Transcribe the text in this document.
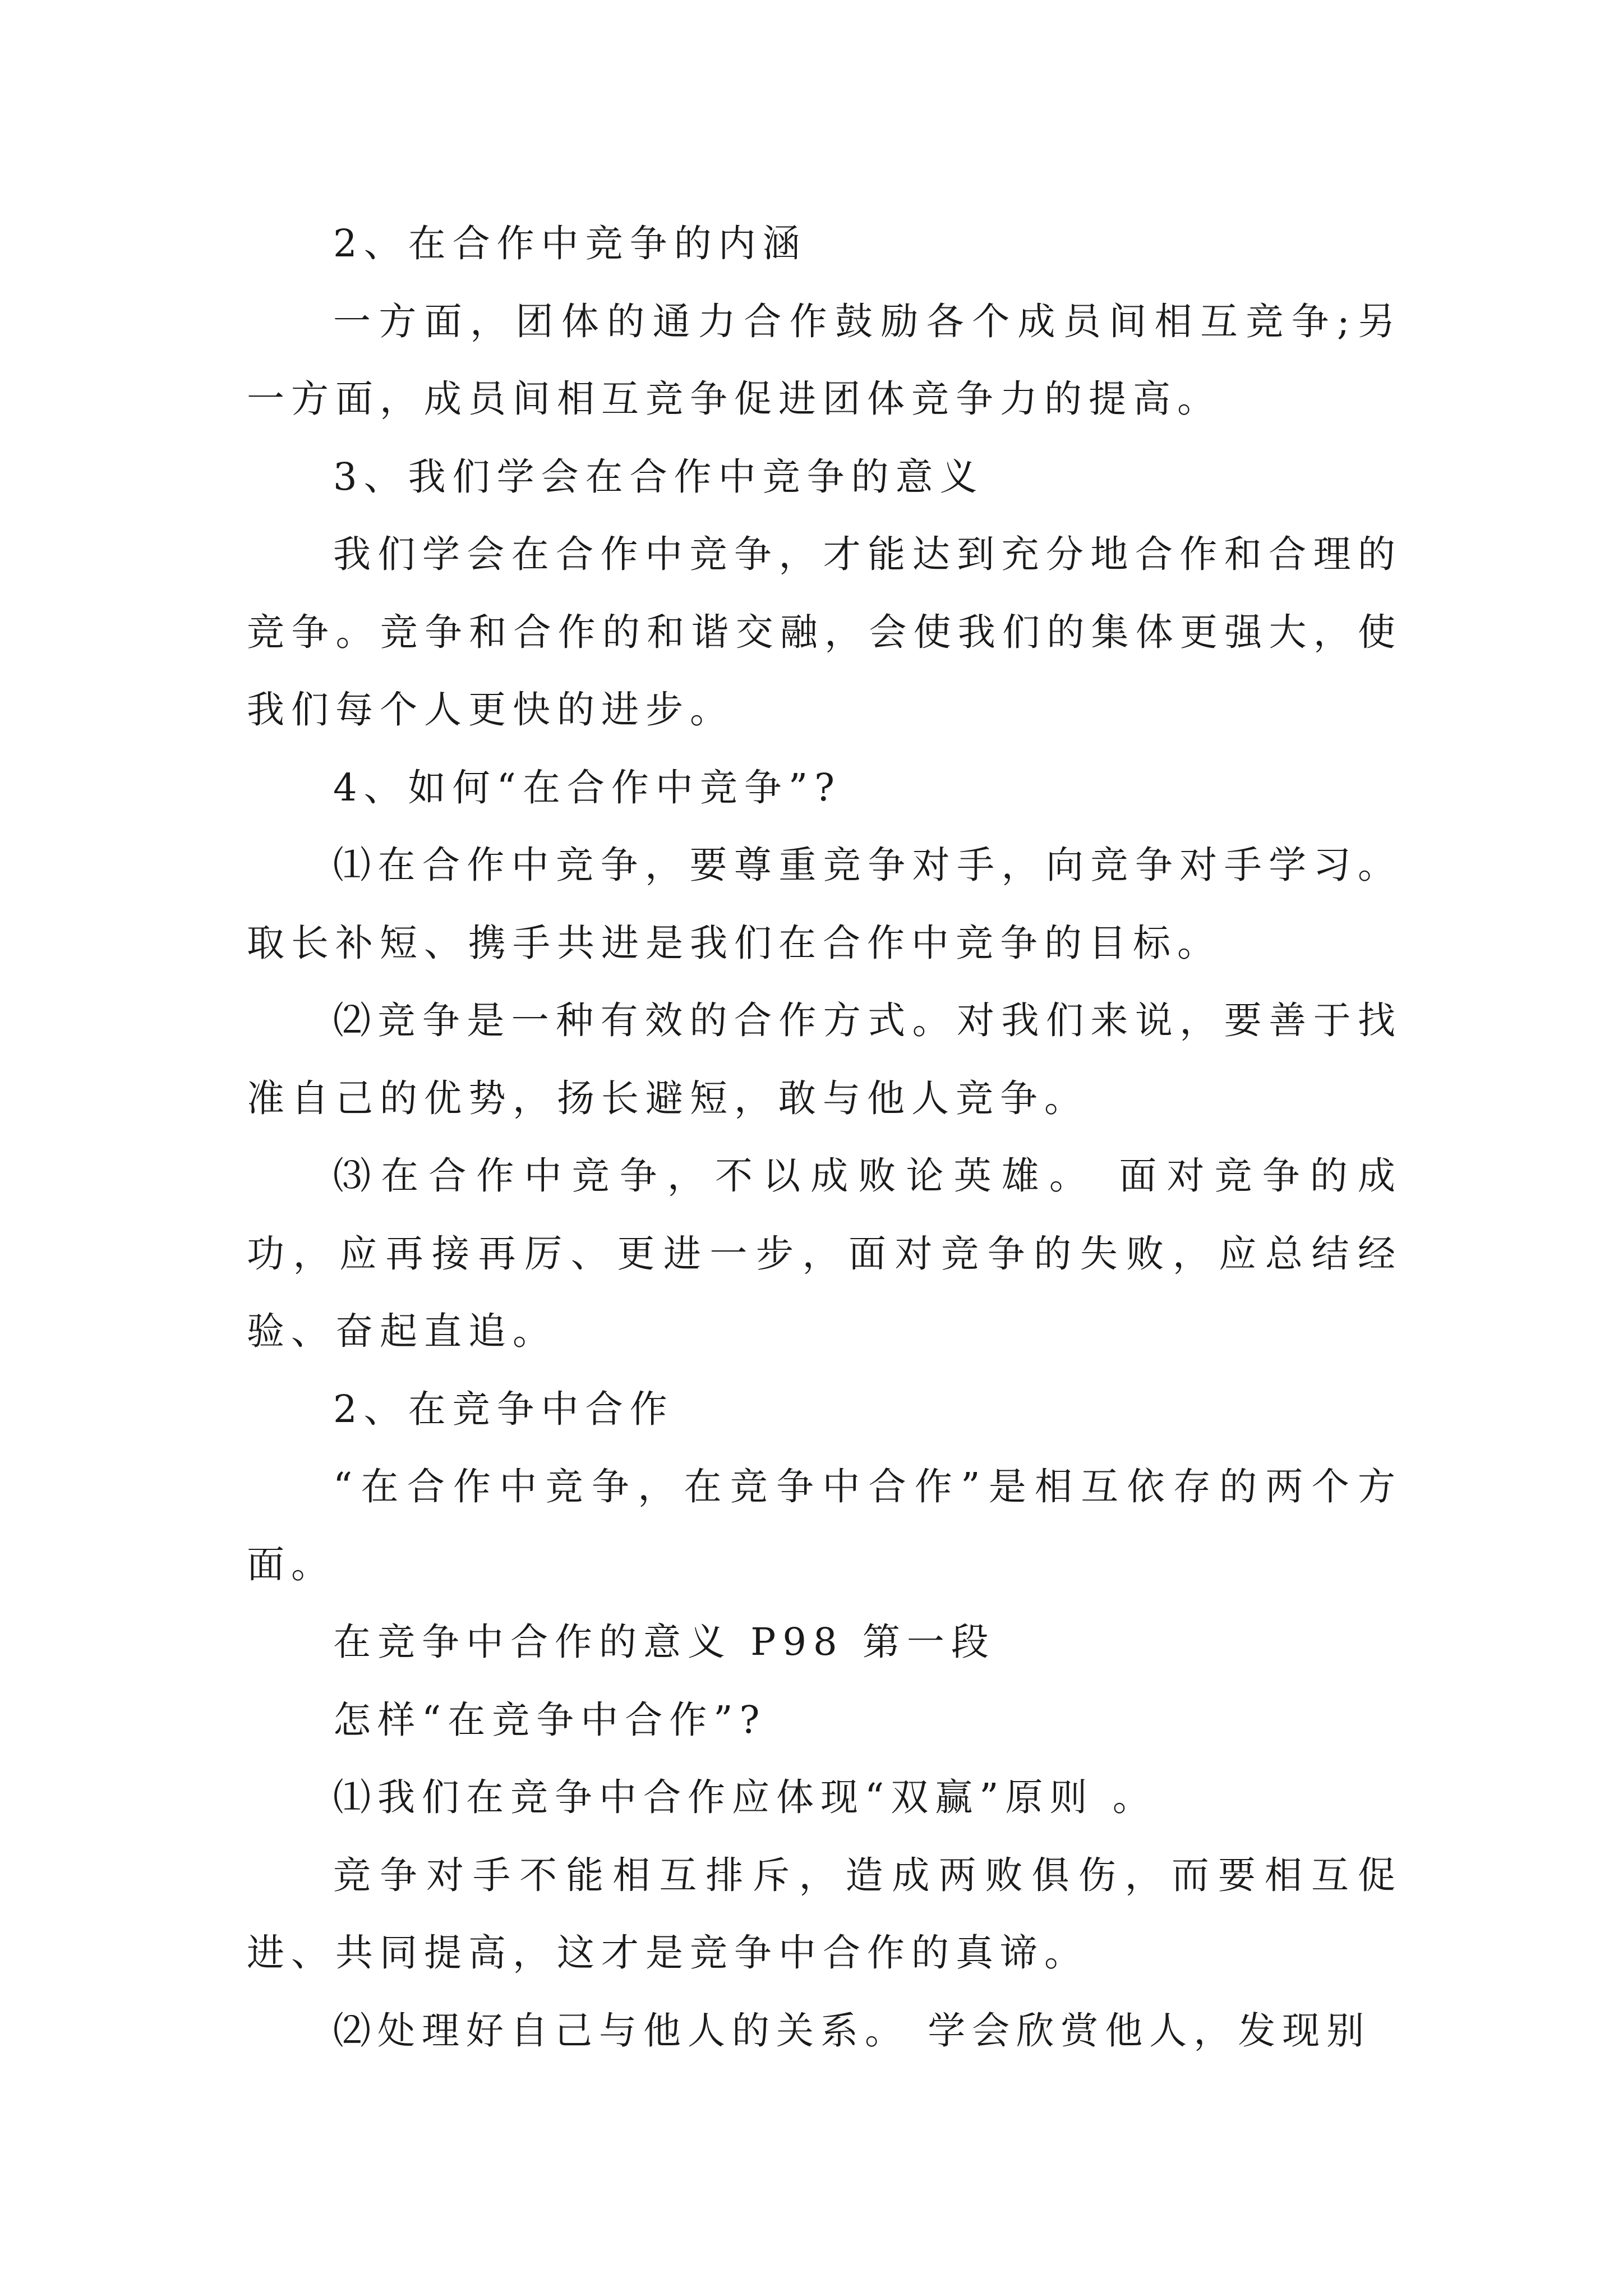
2、在合作中竞争的内涵

一方面，团体的通力合作鼓励各个成员间相互竞争;另一方面，成员间相互竞争促进团体竞争力的提高。

3、我们学会在合作中竞争的意义

我们学会在合作中竞争，才能达到充分地合作和合理的竞争。竞争和合作的和谐交融，会使我们的集体更强大，使我们每个人更快的进步。

4、如何“在合作中竞争”?

⑴在合作中竞争，要尊重竞争对手，向竞争对手学习。取长补短、携手共进是我们在合作中竞争的目标。

⑵竞争是一种有效的合作方式。对我们来说，要善于找准自己的优势，扬长避短，敢与他人竞争。

⑶在合作中竞争，不以成败论英雄。 面对竞争的成功，应再接再厉、更进一步，面对竞争的失败，应总结经验、奋起直追。

2、在竞争中合作

“在合作中竞争，在竞争中合作”是相互依存的两个方面。

在竞争中合作的意义 P98 第一段

怎样“在竞争中合作”?

⑴我们在竞争中合作应体现“双赢”原则 。

竞争对手不能相互排斥，造成两败俱伤，而要相互促进、共同提高，这才是竞争中合作的真谛。

⑵处理好自己与他人的关系。 学会欣赏他人，发现别
